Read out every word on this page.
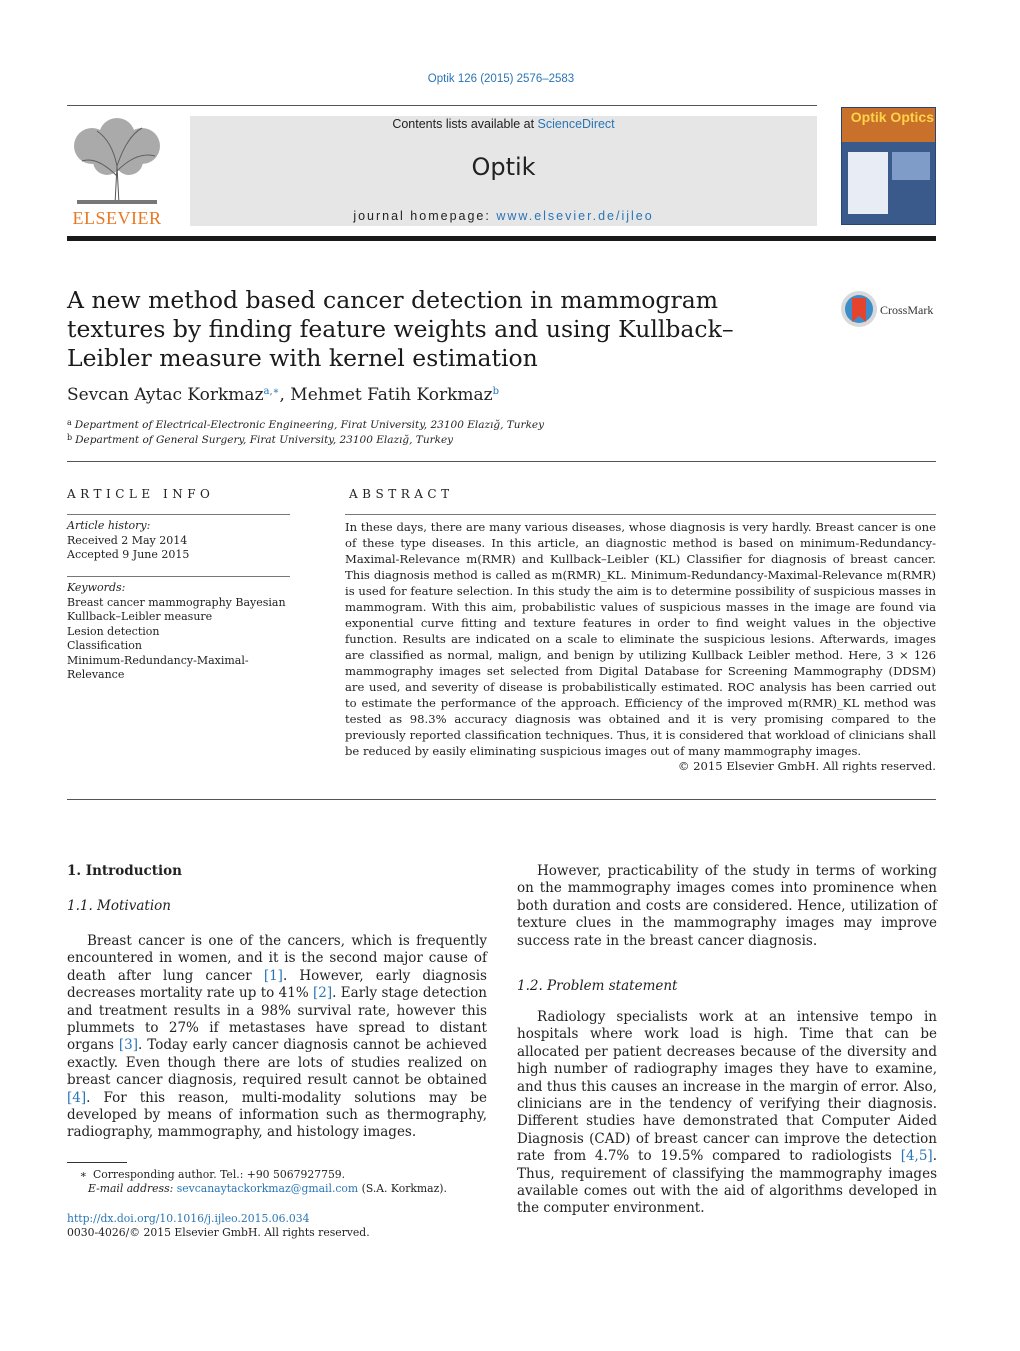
Optik 126 (2015) 2576–2583
ELSEVIER
Contents lists available at ScienceDirect
Optik
journal homepage: www.elsevier.de/ijleo
Optik Optics
A new method based cancer detection in mammogram textures by finding feature weights and using Kullback–Leibler measure with kernel estimation
CrossMark
Sevcan Aytac Korkmaz$^{a,∗}$, Mehmet Fatih Korkmaz$^b$
$^a$ Department of Electrical-Electronic Engineering, Firat University, 23100 Elazığ, Turkey
$^b$ Department of General Surgery, Firat University, 23100 Elazığ, Turkey
ARTICLE INFO
Article history:
Received 2 May 2014
Accepted 9 June 2015
Keywords:
Breast cancer mammography Bayesian
Kullback–Leibler measure
Lesion detection
Classification
Minimum-Redundancy-Maximal-
Relevance
ABSTRACT
In these days, there are many various diseases, whose diagnosis is very hardly. Breast cancer is one of these type diseases. In this article, an diagnostic method is based on minimum-Redundancy-Maximal-Relevance m(RMR) and Kullback–Leibler (KL) Classifier for diagnosis of breast cancer. This diagnosis method is called as m(RMR)_KL. Minimum-Redundancy-Maximal-Relevance m(RMR) is used for feature selection. In this study the aim is to determine possibility of suspicious masses in mammogram. With this aim, probabilistic values of suspicious masses in the image are found via exponential curve fitting and texture features in order to find weight values in the objective function. Results are indicated on a scale to eliminate the suspicious lesions. Afterwards, images are classified as normal, malign, and benign by utilizing Kullback Leibler method. Here, 3 × 126 mammography images set selected from Digital Database for Screening Mammography (DDSM) are used, and severity of disease is probabilistically estimated. ROC analysis has been carried out to estimate the performance of the approach. Efficiency of the improved m(RMR)_KL method was tested as 98.3% accuracy diagnosis was obtained and it is very promising compared to the previously reported classification techniques. Thus, it is considered that workload of clinicians shall be reduced by easily eliminating suspicious images out of many mammography images.
© 2015 Elsevier GmbH. All rights reserved.
1. Introduction
1.1. Motivation
Breast cancer is one of the cancers, which is frequently encountered in women, and it is the second major cause of death after lung cancer [1]. However, early diagnosis decreases mortality rate up to 41% [2]. Early stage detection and treatment results in a 98% survival rate, however this plummets to 27% if metastases have spread to distant organs [3]. Today early cancer diagnosis cannot be achieved exactly. Even though there are lots of studies realized on breast cancer diagnosis, required result cannot be obtained [4]. For this reason, multi-modality solutions may be developed by means of information such as thermography, radiography, mammography, and histology images.
However, practicability of the study in terms of working on the mammography images comes into prominence when both duration and costs are considered. Hence, utilization of texture clues in the mammography images may improve success rate in the breast cancer diagnosis.
1.2. Problem statement
Radiology specialists work at an intensive tempo in hospitals where work load is high. Time that can be allocated per patient decreases because of the diversity and high number of radiography images they have to examine, and thus this causes an increase in the margin of error. Also, clinicians are in the tendency of verifying their diagnosis. Different studies have demonstrated that Computer Aided Diagnosis (CAD) of breast cancer can improve the detection rate from 4.7% to 19.5% compared to radiologists [4,5]. Thus, requirement of classifying the mammography images available comes out with the aid of algorithms developed in the computer environment.
∗ Corresponding author. Tel.: +90 5067927759.
E-mail address: sevcanaytackorkmaz@gmail.com (S.A. Korkmaz).
http://dx.doi.org/10.1016/j.ijleo.2015.06.034
0030-4026/© 2015 Elsevier GmbH. All rights reserved.
